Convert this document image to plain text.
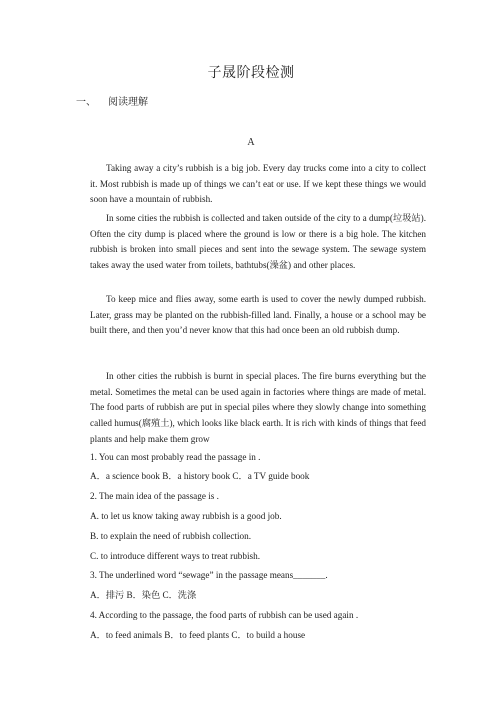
子晟阶段检测
一、 阅读理解
A

Taking away a city’s rubbish is a big job. Every day trucks come into a city to collect it. Most rubbish is made up of things we can’t eat or use. If we kept these things we would soon have a mountain of rubbish.

In some cities the rubbish is collected and taken outside of the city to a dump(垃圾站). Often the city dump is placed where the ground is low or there is a big hole. The kitchen rubbish is broken into small pieces and sent into the sewage system. The sewage system takes away the used water from toilets, bathtubs(澡盆) and other places.

To keep mice and flies away, some earth is used to cover the newly dumped rubbish. Later, grass may be planted on the rubbish-filled land. Finally, a house or a school may be built there, and then you’d never know that this had once been an old rubbish dump.

In other cities the rubbish is burnt in special places. The fire burns everything but the metal. Sometimes the metal can be used again in factories where things are made of metal. The food parts of rubbish are put in special piles where they slowly change into something called humus(腐殖土), which looks like black earth. It is rich with kinds of things that feed plants and help make them grow

1. You can most probably read the passage in .
A．a science book B．a history book C．a TV guide book
2. The main idea of the passage is .
A. to let us know taking away rubbish is a good job.
B. to explain the need of rubbish collection.
C. to introduce different ways to treat rubbish.
3. The underlined word “sewage” in the passage means_______.
A．排污 B．染色 C．洗涤
4. According to the passage, the food parts of rubbish can be used again .
A．to feed animals B．to feed plants C．to build a house
